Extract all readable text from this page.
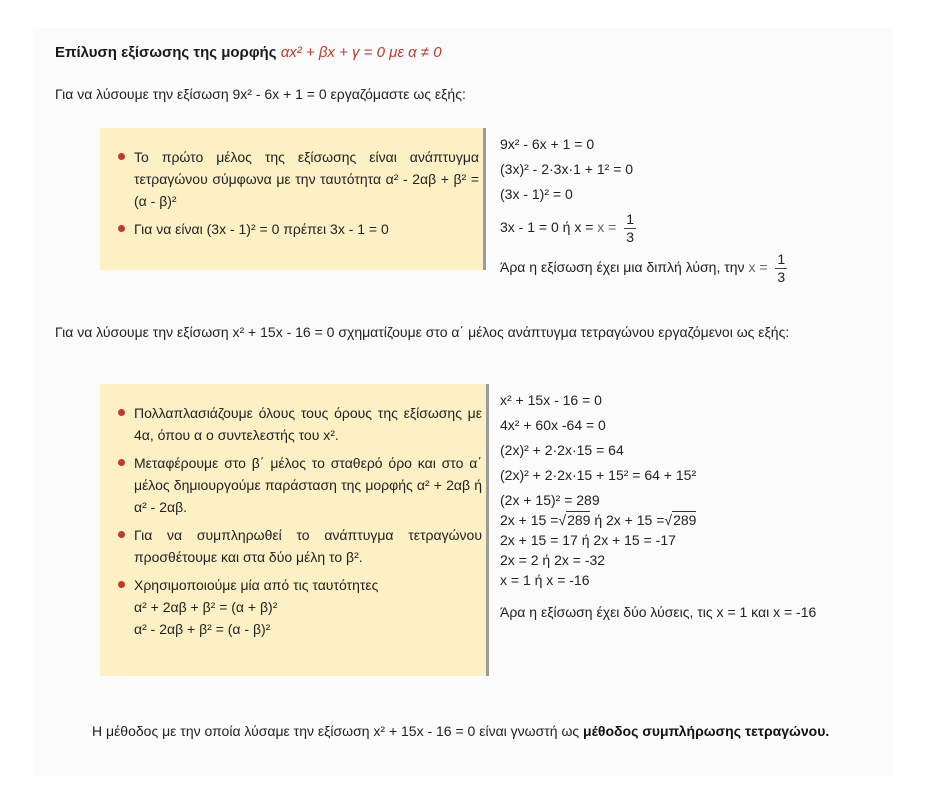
Επίλυση εξίσωσης της μορφής αx² + βx + γ = 0 με α ≠ 0
Για να λύσουμε την εξίσωση 9x² - 6x + 1 = 0 εργαζόμαστε ως εξής:
Το πρώτο μέλος της εξίσωσης είναι ανάπτυγμα τετραγώνου σύμφωνα με την ταυτότητα α² - 2αβ + β² = (α - β)²
Για να είναι (3x - 1)² = 0 πρέπει 3x - 1 = 0
9x² - 6x + 1 = 0
(3x)² - 2·3x·1 + 1² = 0
(3x - 1)² = 0
3x - 1 = 0 ή $x = x = \frac{1}{3}$
Άρα η εξίσωση έχει μια διπλή λύση, την $x = \frac{1}{3}$
Για να λύσουμε την εξίσωση x² + 15x - 16 = 0 σχηματίζουμε στο α΄ μέλος ανάπτυγμα τετραγώνου εργαζόμενοι ως εξής:
Πολλαπλασιάζουμε όλους τους όρους της εξίσωσης με 4α, όπου α ο συντελεστής του x².
Μεταφέρουμε στο β΄ μέλος το σταθερό όρο και στο α΄ μέλος δημιουργούμε παράσταση της μορφής α² + 2αβ ή α² - 2αβ.
Για να συμπληρωθεί το ανάπτυγμα τετραγώνου προσθέτουμε και στα δύο μέλη το β².
Χρησιμοποιούμε μία από τις ταυτότητες
α² + 2αβ + β² = (α + β)²
α² - 2αβ + β² = (α - β)²
x² + 15x - 16 = 0
4x² + 60x -64 = 0
(2x)² + 2·2x·15 = 64
(2x)² + 2·2x·15 + 15² = 64 + 15²
(2x + 15)² = 289
2x + 15 =√289 ή 2x + 15 =√289
2x + 15 = 17 ή 2x + 15 = -17
2x = 2 ή 2x = -32
x = 1 ή x = -16
Άρα η εξίσωση έχει δύο λύσεις, τις x = 1 και x = -16
Η μέθοδος με την οποία λύσαμε την εξίσωση x² + 15x - 16 = 0 είναι γνωστή ως μέθοδος συμπλήρωσης τετραγώνου.
